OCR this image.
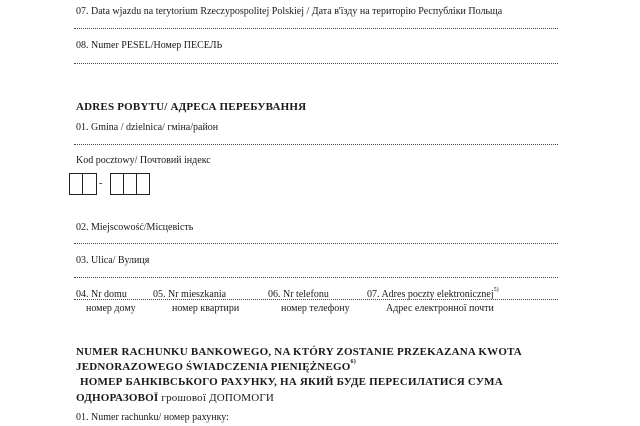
07. Data wjazdu na terytorium Rzeczypospolitej Polskiej / Дата в'їзду на територію Республіки Польща
08. Numer PESEL/Номер ПЕСЕЛЬ
ADRES POBYTU/ АДРЕСА ПЕРЕБУВАННЯ
01. Gmina / dzielnica/ гміна/район
Kod pocztowy/ Почтовий індекс
-
02. Miejscowość/Місцевість
03. Ulica/ Вулиця
04. Nr domu	05. Nr mieszkania	06. Nr telefonu	07. Adres poczty elektronicznej$^{5)}$
номер дому	номер квартири	номер телефону	Адрес електронної почти
NUMER RACHUNKU BANKOWEGO, NA KTÓRY ZOSTANIE PRZEKAZANA KWOTA
JEDNORAZOWEGO ŚWIADCZENIA PIENIĘŻNEGO$^{6)}$
НОМЕР БАНКІВСЬКОГО РАХУНКУ, НА ЯКИЙ БУДЕ ПЕРЕСИЛАТИСЯ СУМА
ОДНОРАЗОВОЇ грошової ДОПОМОГИ
01. Numer rachunku/ номер рахунку:
